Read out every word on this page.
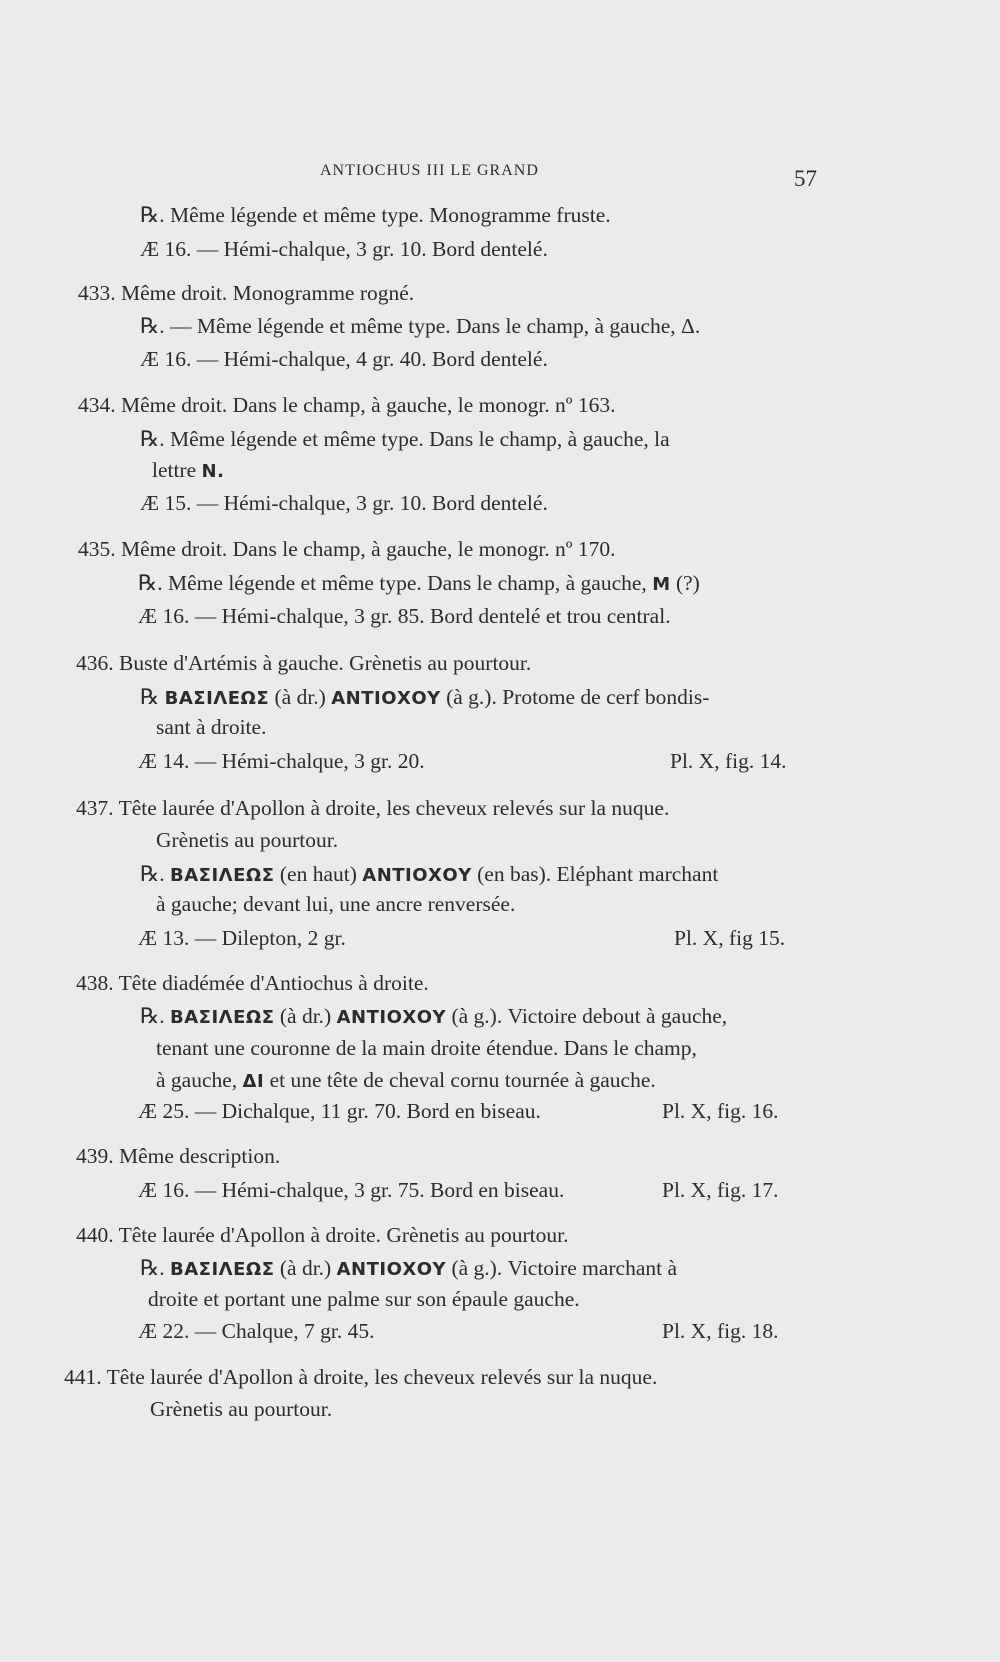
ANTIOCHUS III LE GRAND	57
℞. Même légende et même type. Monogramme fruste.
Æ 16. — Hémi-chalque, 3 gr. 10. Bord dentelé.
433. Même droit. Monogramme rogné.
℞. — Même légende et même type. Dans le champ, à gauche, Δ.
Æ 16. — Hémi-chalque, 4 gr. 40. Bord dentelé.
434. Même droit. Dans le champ, à gauche, le monogr. nº 163.
℞. Même légende et même type. Dans le champ, à gauche, la
lettre N.
Æ 15. — Hémi-chalque, 3 gr. 10. Bord dentelé.
435. Même droit. Dans le champ, à gauche, le monogr. nº 170.
℞. Même légende et même type. Dans le champ, à gauche, M (?)
Æ 16. — Hémi-chalque, 3 gr. 85. Bord dentelé et trou central.
436. Buste d'Artémis à gauche. Grènetis au pourtour.
℞ ΒΑΣΙΛΕΩΣ (à dr.) ΑΝΤΙΟΧΟΥ (à g.). Protome de cerf bondis-
sant à droite.
Æ 14. — Hémi-chalque, 3 gr. 20.	Pl. X, fig. 14.
437. Tête laurée d'Apollon à droite, les cheveux relevés sur la nuque.
Grènetis au pourtour.
℞. ΒΑΣΙΛΕΩΣ (en haut) ΑΝΤΙΟΧΟΥ (en bas). Eléphant marchant
à gauche; devant lui, une ancre renversée.
Æ 13. — Dilepton, 2 gr.	Pl. X, fig 15.
438. Tête diadémée d'Antiochus à droite.
℞. ΒΑΣΙΛΕΩΣ (à dr.) ΑΝΤΙΟΧΟΥ (à g.). Victoire debout à gauche,
tenant une couronne de la main droite étendue. Dans le champ,
à gauche, ΔΙ et une tête de cheval cornu tournée à gauche.
Æ 25. — Dichalque, 11 gr. 70. Bord en biseau.	Pl. X, fig. 16.
439. Même description.
Æ 16. — Hémi-chalque, 3 gr. 75. Bord en biseau.	Pl. X, fig. 17.
440. Tête laurée d'Apollon à droite. Grènetis au pourtour.
℞. ΒΑΣΙΛΕΩΣ (à dr.) ΑΝΤΙΟΧΟΥ (à g.). Victoire marchant à
droite et portant une palme sur son épaule gauche.
Æ 22. — Chalque, 7 gr. 45.	Pl. X, fig. 18.
441. Tête laurée d'Apollon à droite, les cheveux relevés sur la nuque.
Grènetis au pourtour.
